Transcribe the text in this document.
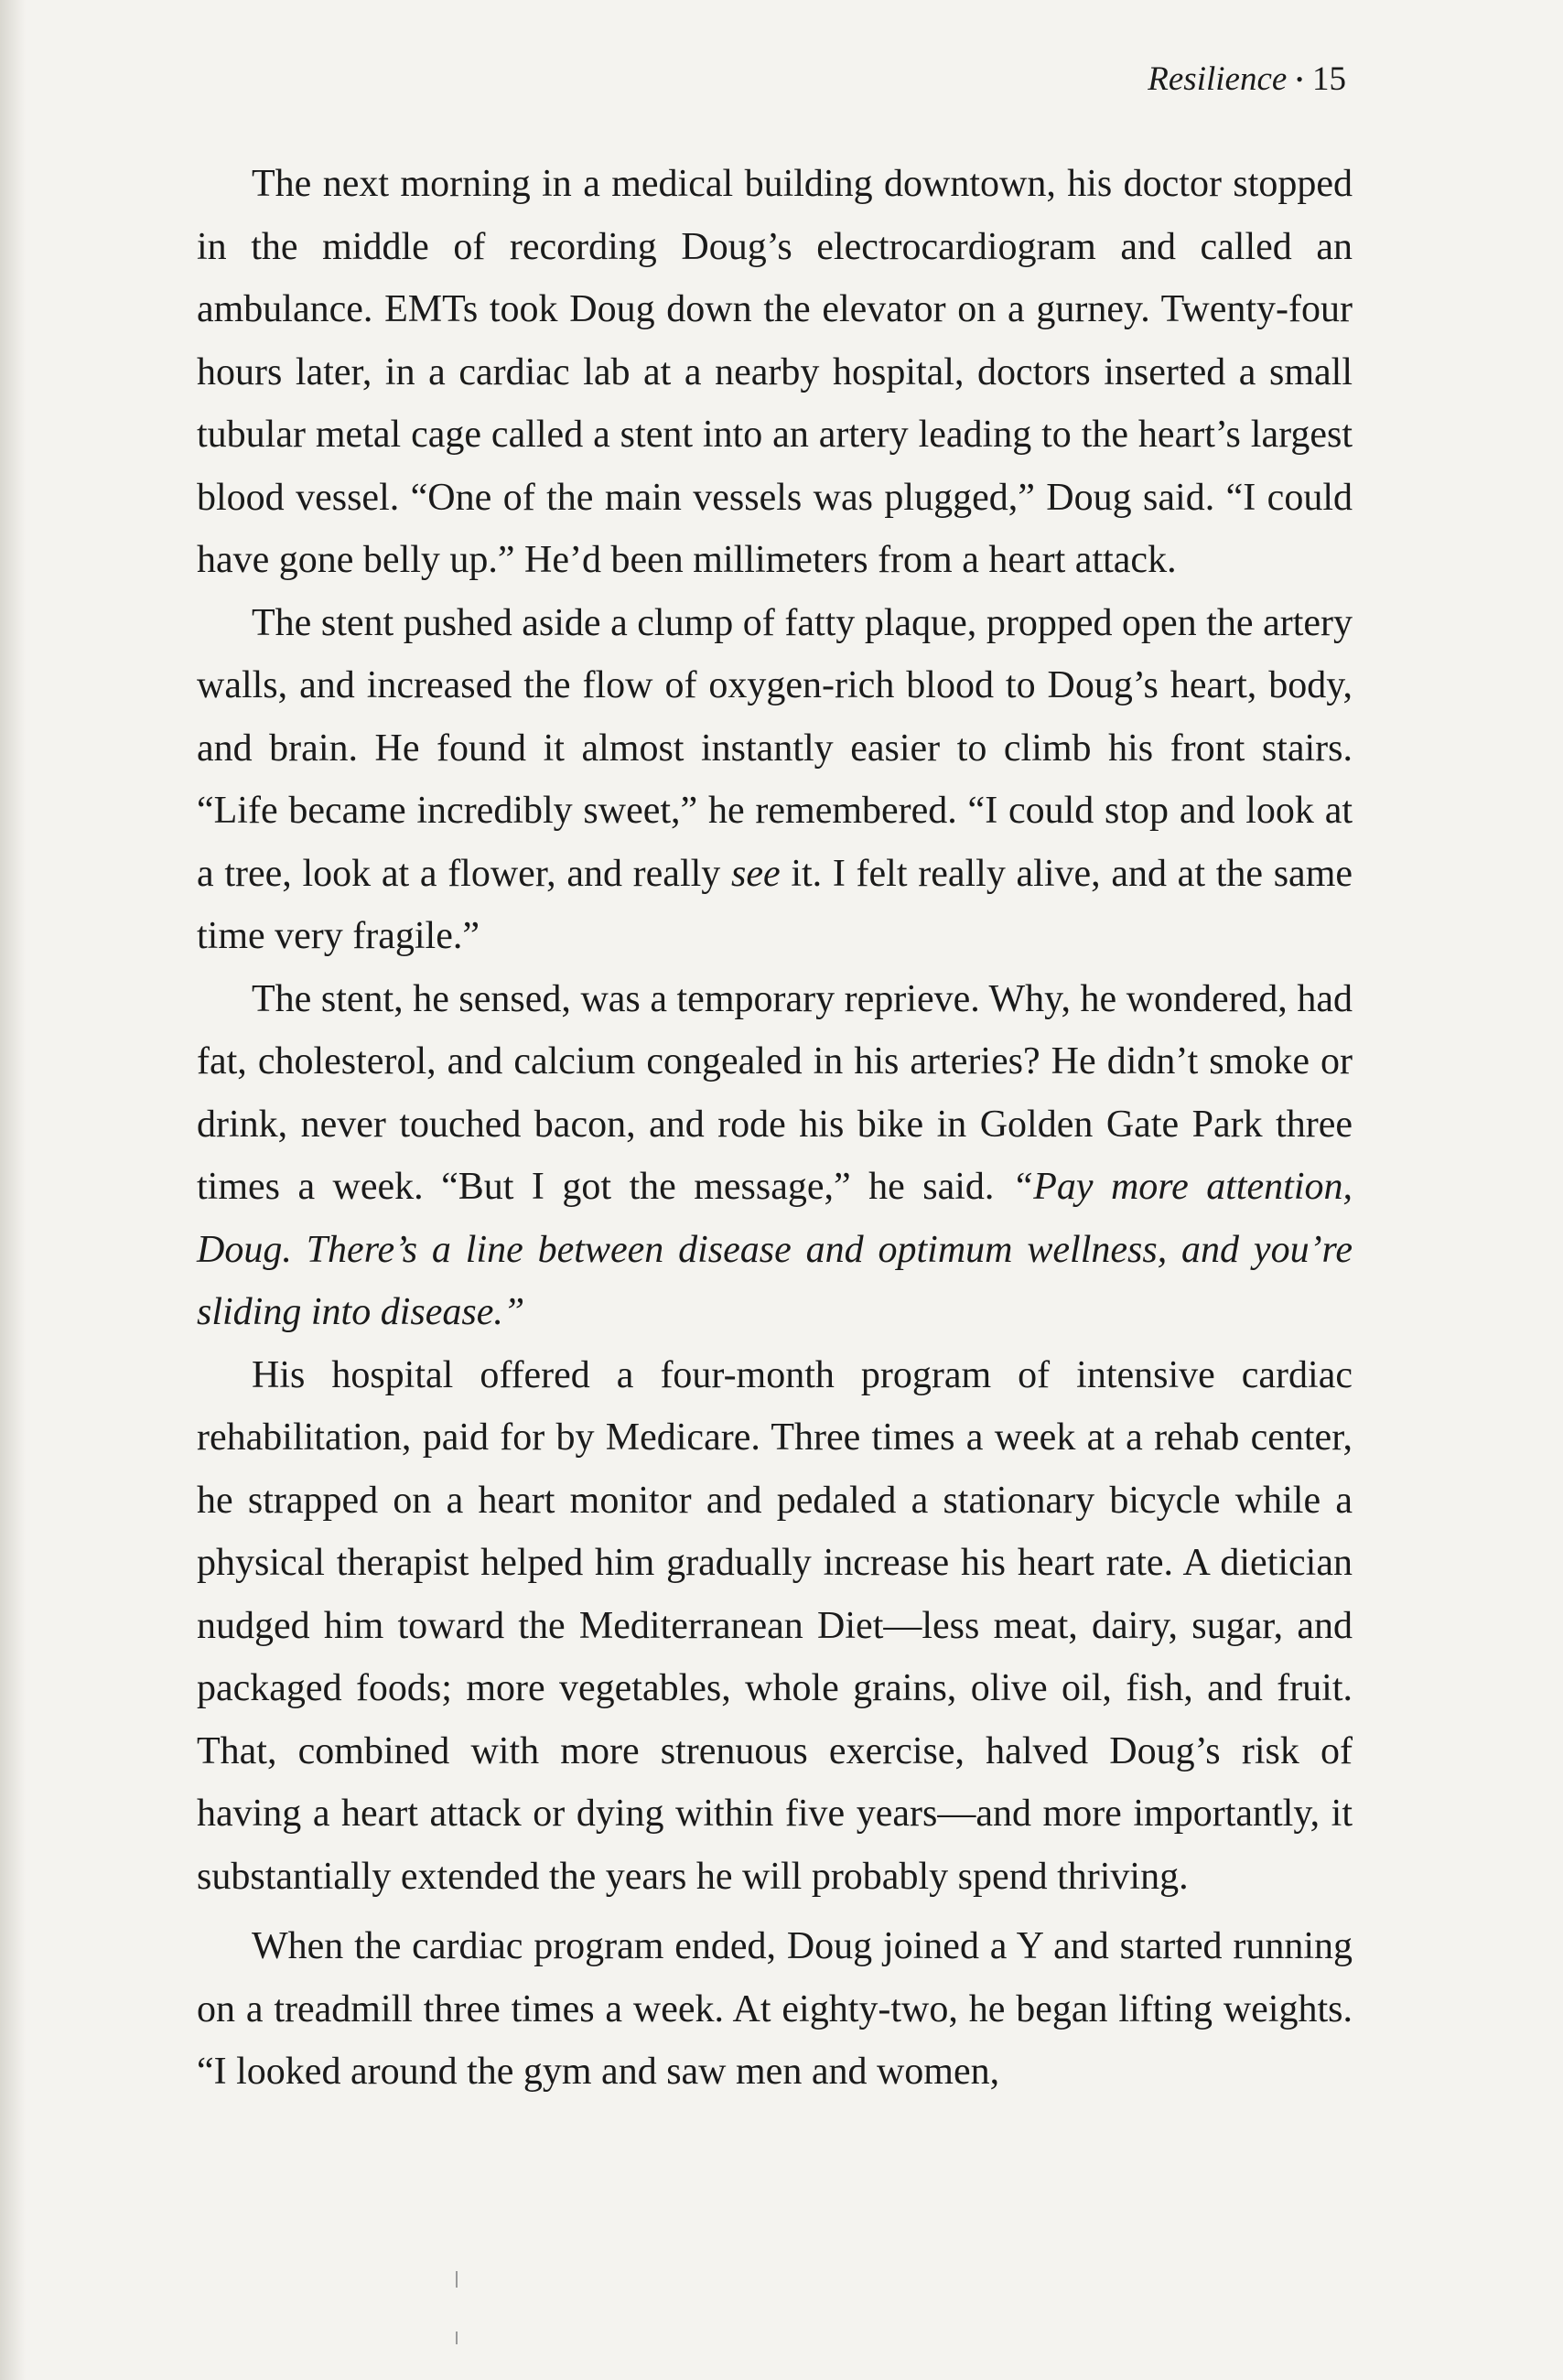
Resilience • 15

The next morning in a medical building downtown, his doctor stopped in the middle of recording Doug’s electrocardiogram and called an ambulance. EMTs took Doug down the elevator on a gurney. Twenty-four hours later, in a cardiac lab at a nearby hospital, doctors inserted a small tubular metal cage called a stent into an artery leading to the heart’s largest blood vessel. “One of the main vessels was plugged,” Doug said. “I could have gone belly up.” He’d been millimeters from a heart attack.

The stent pushed aside a clump of fatty plaque, propped open the artery walls, and increased the flow of oxygen-rich blood to Doug’s heart, body, and brain. He found it almost instantly easier to climb his front stairs. “Life became incredibly sweet,” he remembered. “I could stop and look at a tree, look at a flower, and really see it. I felt really alive, and at the same time very fragile.”

The stent, he sensed, was a temporary reprieve. Why, he wondered, had fat, cholesterol, and calcium congealed in his arteries? He didn’t smoke or drink, never touched bacon, and rode his bike in Golden Gate Park three times a week. “But I got the message,” he said. “Pay more attention, Doug. There’s a line between disease and optimum wellness, and you’re sliding into disease.”

His hospital offered a four-month program of intensive cardiac rehabilitation, paid for by Medicare. Three times a week at a rehab center, he strapped on a heart monitor and pedaled a stationary bicycle while a physical therapist helped him gradually increase his heart rate. A dietician nudged him toward the Mediterranean Diet—less meat, dairy, sugar, and packaged foods; more vegetables, whole grains, olive oil, fish, and fruit. That, combined with more strenuous exercise, halved Doug’s risk of having a heart attack or dying within five years—and more importantly, it substantially extended the years he will probably spend thriving.

When the cardiac program ended, Doug joined a Y and started running on a treadmill three times a week. At eighty-two, he began lifting weights. “I looked around the gym and saw men and women,
